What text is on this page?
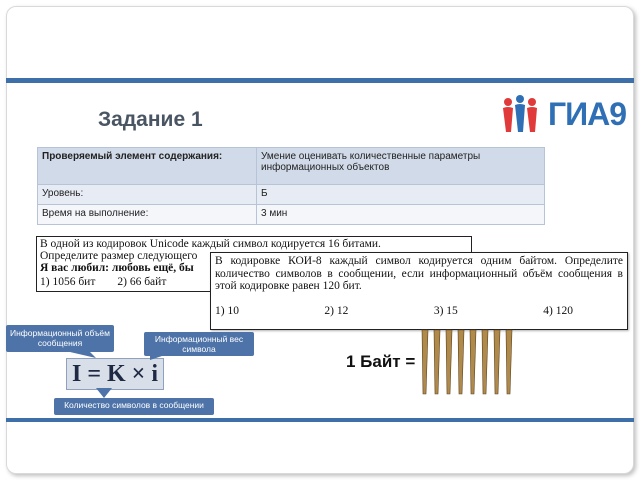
Задание 1	ГИА9
Проверяемый элемент содержания:	Умение оценивать количественные параметры информационных объектов
Уровень:	Б
Время на выполнение:	3 мин
В одной из кодировок Unicode каждый символ кодируется 16 битами.
Определите размер следующего
Я вас любил: любовь ещё, бы
1) 1056 бит 2) 66 байт
В кодировке КОИ-8 каждый символ кодируется одним байтом. Определите количество символов в сообщении, если информационный объём сообщения в этой кодировке равен 120 бит.
1) 10	2) 12	3) 15	4) 120
Информационный объём сообщения	Информационный вес символа
I = K × i
Количество символов в сообщении
1 Байт =
